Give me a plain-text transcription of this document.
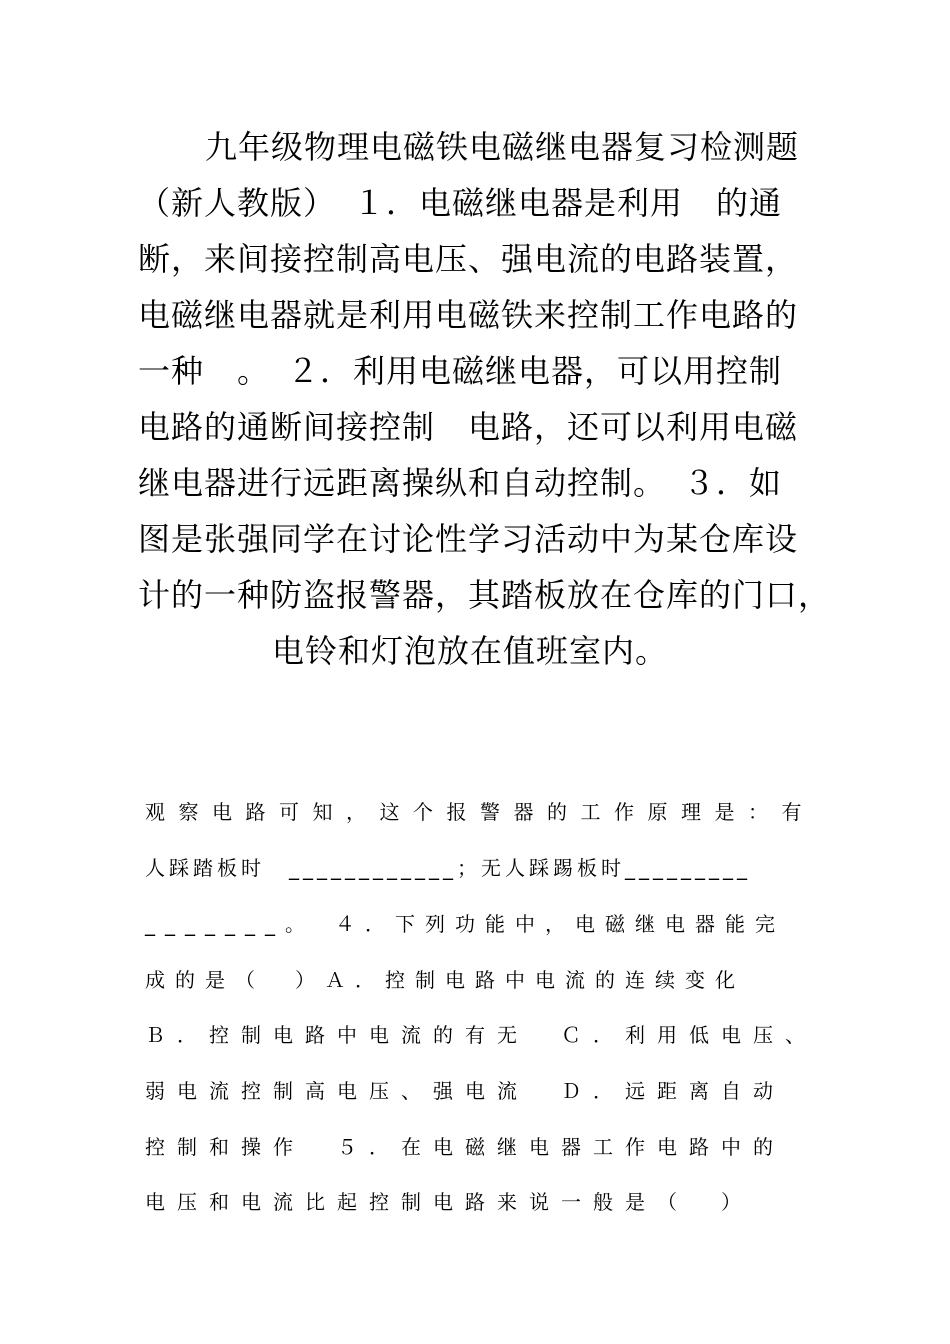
九年级物理电磁铁电磁继电器复习检测题
（新人教版）　１．电磁继电器是利用　的通
断，来间接控制高电压、强电流的电路装置，
电磁继电器就是利用电磁铁来控制工作电路的
一种　。　２．利用电磁继电器，可以用控制
电路的通断间接控制　电路，还可以利用电磁
继电器进行远距离操纵和自动控制。　３．如
图是张强同学在讨论性学习活动中为某仓库设
计的一种防盗报警器，其踏板放在仓库的门口，
电铃和灯泡放在值班室内。
观察电路可知，这个报警器的工作原理是：有
人踩踏板时　____________；无人踩踢板时_________
_______。　４．下列功能中，电磁继电器能完
成的是（　）Ａ．控制电路中电流的连续变化
Ｂ．控制电路中电流的有无　Ｃ．利用低电压、
弱电流控制高电压、强电流　Ｄ．远距离自动
控制和操作　５．在电磁继电器工作电路中的
电压和电流比起控制电路来说一般是（　）
